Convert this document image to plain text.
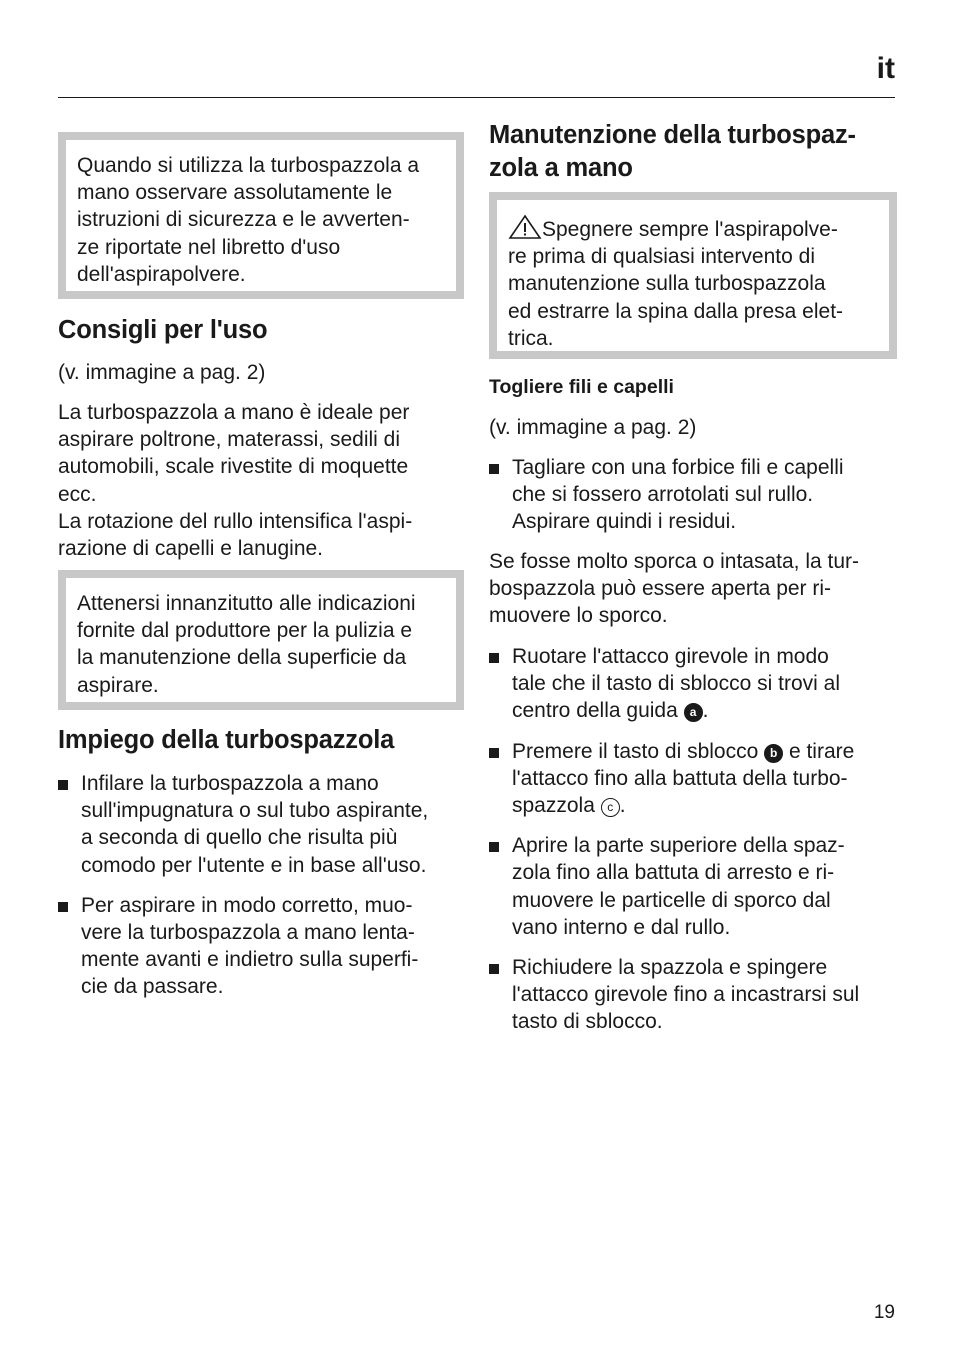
it

Quando si utilizza la turbospazzola a

mano osservare assolutamente le

istruzioni di sicurezza e le avverten-

ze riportate nel libretto d'uso

dell'aspirapolvere.

Consigli per l'uso

(v. immagine a pag. 2)

La turbospazzola a mano è ideale per

aspirare poltrone, materassi, sedili di

automobili, scale rivestite di moquette

ecc.

La rotazione del rullo intensifica l'aspi-

razione di capelli e lanugine.

Attenersi innanzitutto alle indicazioni

fornite dal produttore per la pulizia e

la manutenzione della superficie da

aspirare.

Impiego della turbospazzola
Infilare la turbospazzola a mano
sull'impugnatura o sul tubo aspirante,
a seconda di quello che risulta più
comodo per l'utente e in base all'uso.
Per aspirare in modo corretto, muo-
vere la turbospazzola a mano lenta-
mente avanti e indietro sulla superfi-
cie da passare.
Manutenzione della turbospaz-
zola a mano

Spegnere sempre l'aspirapolve-

re prima di qualsiasi intervento di

manutenzione sulla turbospazzola

ed estrarre la spina dalla presa elet-

trica.

Togliere fili e capelli

(v. immagine a pag. 2)

Tagliare con una forbice fili e capelli
che si fossero arrotolati sul rullo.
Aspirare quindi i residui.

Se fosse molto sporca o intasata, la tur-

bospazzola può essere aperta per ri-

muovere lo sporco.

Ruotare l'attacco girevole in modo
tale che il tasto di sblocco si trovi al
centro della guida a .
Premere il tasto di sblocco b e tirare
l'attacco fino alla battuta della turbo-
spazzola c .
Aprire la parte superiore della spaz-
zola fino alla battuta di arresto e ri-
muovere le particelle di sporco dal
vano interno e dal rullo.
Richiudere la spazzola e spingere
l'attacco girevole fino a incastrarsi sul
tasto di sblocco.
19
